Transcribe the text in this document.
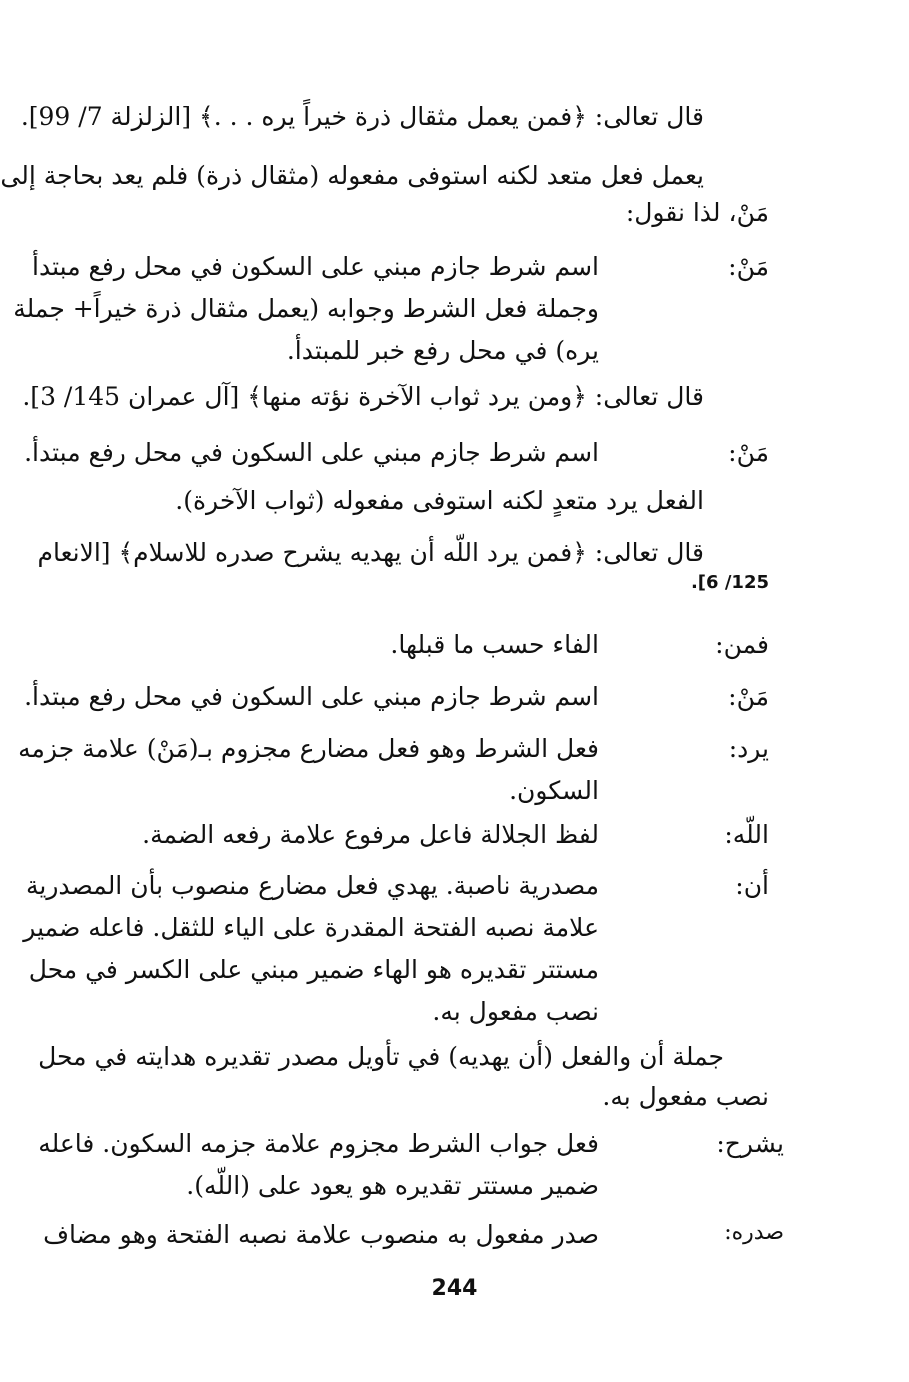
قال تعالى: ﴿فمن يعمل مثقال ذرة خيراً يره . . .﴾ [الزلزلة 7/ 99].
يعمل فعل متعد لكنه استوفى مفعوله (مثقال ذرة) فلم يعد بحاجة إلى
مَنْ، لذا نقول:
مَنْ:
اسم شرط جازم مبني على السكون في محل رفع مبتدأ
وجملة فعل الشرط وجوابه (يعمل مثقال ذرة خيراً+ جملة
يره) في محل رفع خبر للمبتدأ.
قال تعالى: ﴿ومن يرد ثواب الآخرة نؤته منها﴾ [آل عمران 145/ 3].
مَنْ:
اسم شرط جازم مبني على السكون في محل رفع مبتدأ.
الفعل يرد متعدٍ لكنه استوفى مفعوله (ثواب الآخرة).
قال تعالى: ﴿فمن يرد اللّه أن يهديه يشرح صدره للاسلام﴾ [الانعام
125/ 6].
فمن:
الفاء حسب ما قبلها.
مَنْ:
اسم شرط جازم مبني على السكون في محل رفع مبتدأ.
يرد:
فعل الشرط وهو فعل مضارع مجزوم بـ(مَنْ) علامة جزمه
السكون.
اللّه:
لفظ الجلالة فاعل مرفوع علامة رفعه الضمة.
أن:
مصدرية ناصبة. يهدي فعل مضارع منصوب بأن المصدرية
علامة نصبه الفتحة المقدرة على الياء للثقل. فاعله ضمير
مستتر تقديره هو الهاء ضمير مبني على الكسر في محل
نصب مفعول به.
جملة أن والفعل (أن يهديه) في تأويل مصدر تقديره هدايته في محل
نصب مفعول به.
يشرح:
فعل جواب الشرط مجزوم علامة جزمه السكون. فاعله
ضمير مستتر تقديره هو يعود على (اللّه).
صدره:
صدر مفعول به منصوب علامة نصبه الفتحة وهو مضاف
244
